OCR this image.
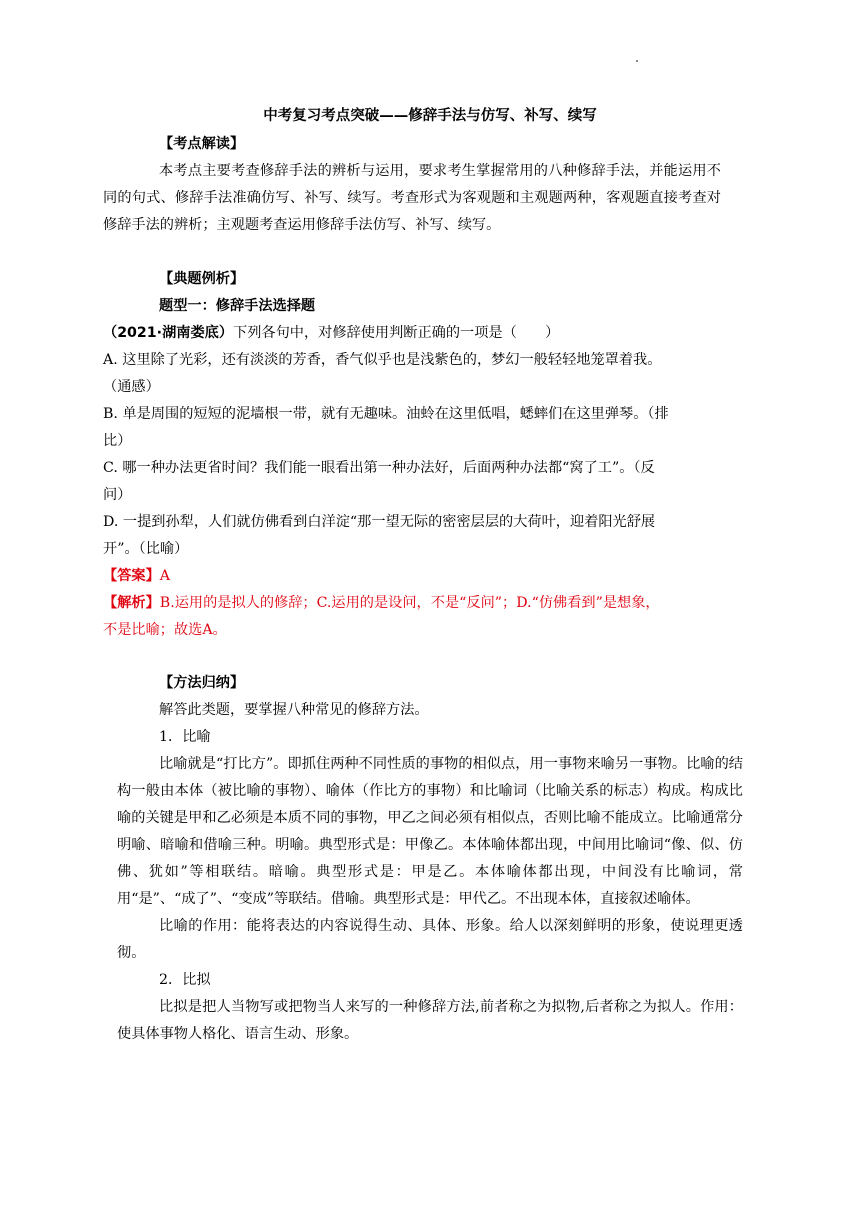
中考复习考点突破——修辞手法与仿写、补写、续写
【考点解读】

本考点主要考查修辞手法的辨析与运用，要求考生掌握常用的八种修辞手法，并能运用不同的句式、修辞手法准确仿写、补写、续写。考查形式为客观题和主观题两种，客观题直接考查对修辞手法的辨析；主观题考查运用修辞手法仿写、补写、续写。

【典题例析】
题型一：修辞手法选择题
（2021·湖南娄底）下列各句中，对修辞使用判断正确的一项是（　　）
A. 这里除了光彩，还有淡淡的芳香，香气似乎也是浅紫色的，梦幻一般轻轻地笼罩着我。
（通感）
B. 单是周围的短短的泥墙根一带，就有无趣味。油蛉在这里低唱，蟋蟀们在这里弹琴。（排
比）
C. 哪一种办法更省时间？我们能一眼看出第一种办法好，后面两种办法都“窝了工”。（反
问）
D. 一提到孙犁，人们就仿佛看到白洋淀“那一望无际的密密层层的大荷叶，迎着阳光舒展
开”。（比喻）
【答案】A
【解析】B.运用的是拟人的修辞；C.运用的是设问，不是“反问”；D.“仿佛看到”是想象，
不是比喻；故选A。
【方法归纳】
解答此类题，要掌握八种常见的修辞方法。
1．比喻

比喻就是“打比方”。即抓住两种不同性质的事物的相似点，用一事物来喻另一事物。比喻的结构一般由本体（被比喻的事物）、喻体（作比方的事物）和比喻词（比喻关系的标志）构成。构成比喻的关键是甲和乙必须是本质不同的事物，甲乙之间必须有相似点，否则比喻不能成立。比喻通常分明喻、暗喻和借喻三种。明喻。典型形式是：甲像乙。本体喻体都出现，中间用比喻词“像、似、仿佛、犹如”等相联结。暗喻。典型形式是：甲是乙。本体喻体都出现，中间没有比喻词，常用“是”、“成了”、“变成”等联结。借喻。典型形式是：甲代乙。不出现本体，直接叙述喻体。

比喻的作用：能将表达的内容说得生动、具体、形象。给人以深刻鲜明的形象，使说理更透彻。

2．比拟

比拟是把人当物写或把物当人来写的一种修辞方法,前者称之为拟物,后者称之为拟人。作用：使具体事物人格化、语言生动、形象。
